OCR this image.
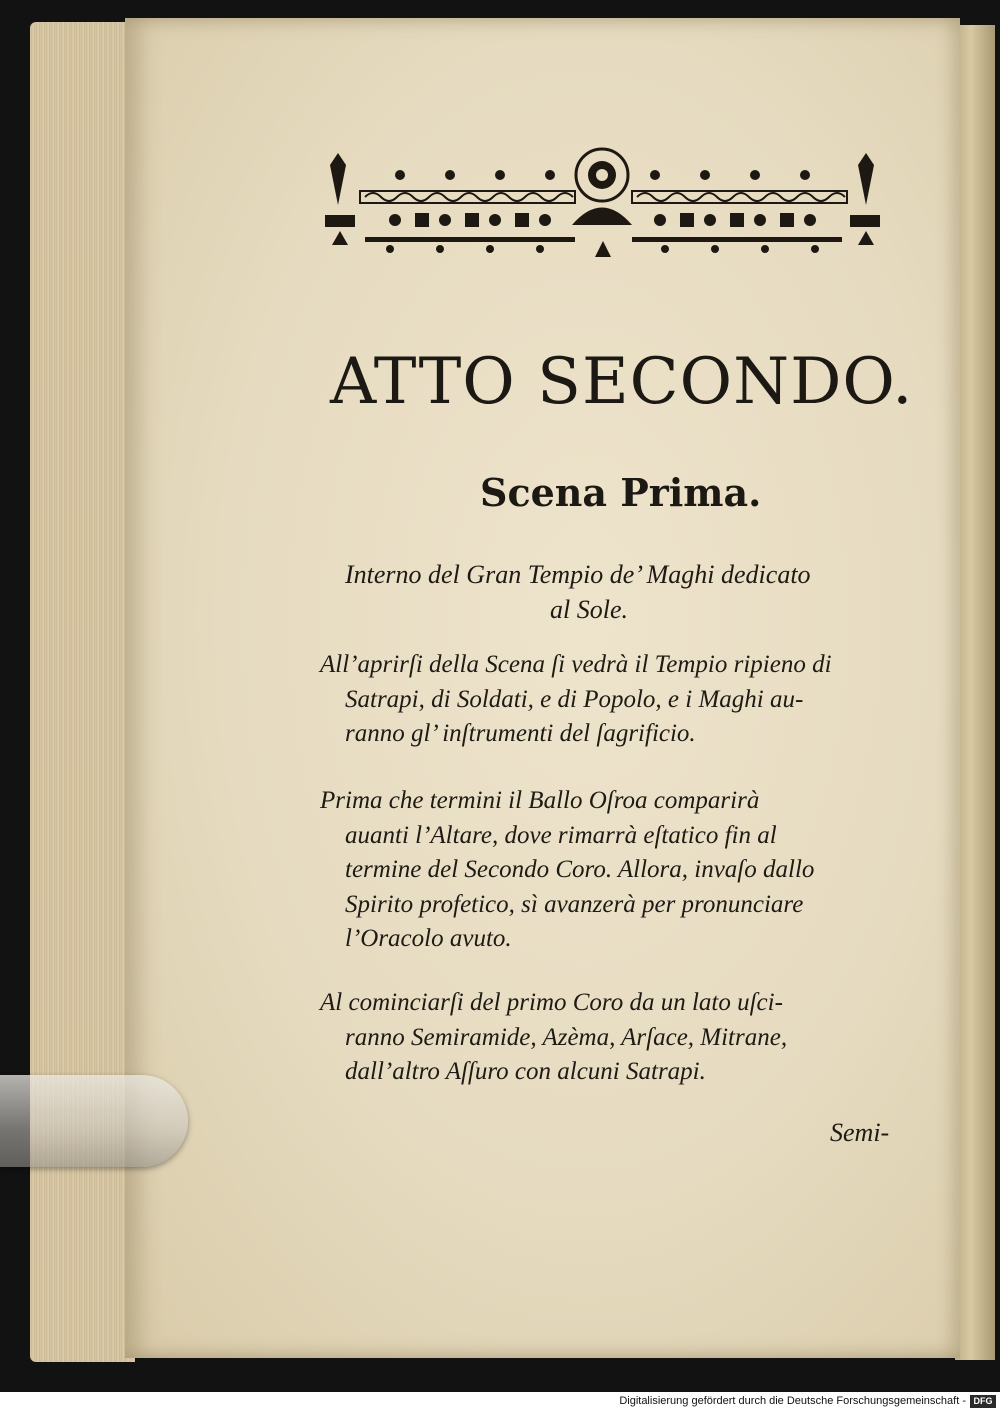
ATTO SECONDO.
Scena Prima.

Interno del Gran Tempio de’ Maghi dedicato
al Sole.

All’aprirſi della Scena ſi vedrà il Tempio ripieno di
Satrapi, di Soldati, e di Popolo, e i Maghi au-
ranno gl’ inſtrumenti del ſagrificio.

Prima che termini il Ballo Oſroa comparirà
auanti l’Altare, dove rimarrà eſtatico fin al
termine del Secondo Coro. Allora, invaſo dallo
Spirito profetico, sì avanzerà per pronunciare
l’Oracolo avuto.

Al cominciarſi del primo Coro da un lato uſci-
ranno Semiramide, Azèma, Arſace, Mitrane,
dall’altro Aſſuro con alcuni Satrapi.

Semi-

Digitalisierung gefördert durch die Deutsche Forschungsgemeinschaft - DFG
